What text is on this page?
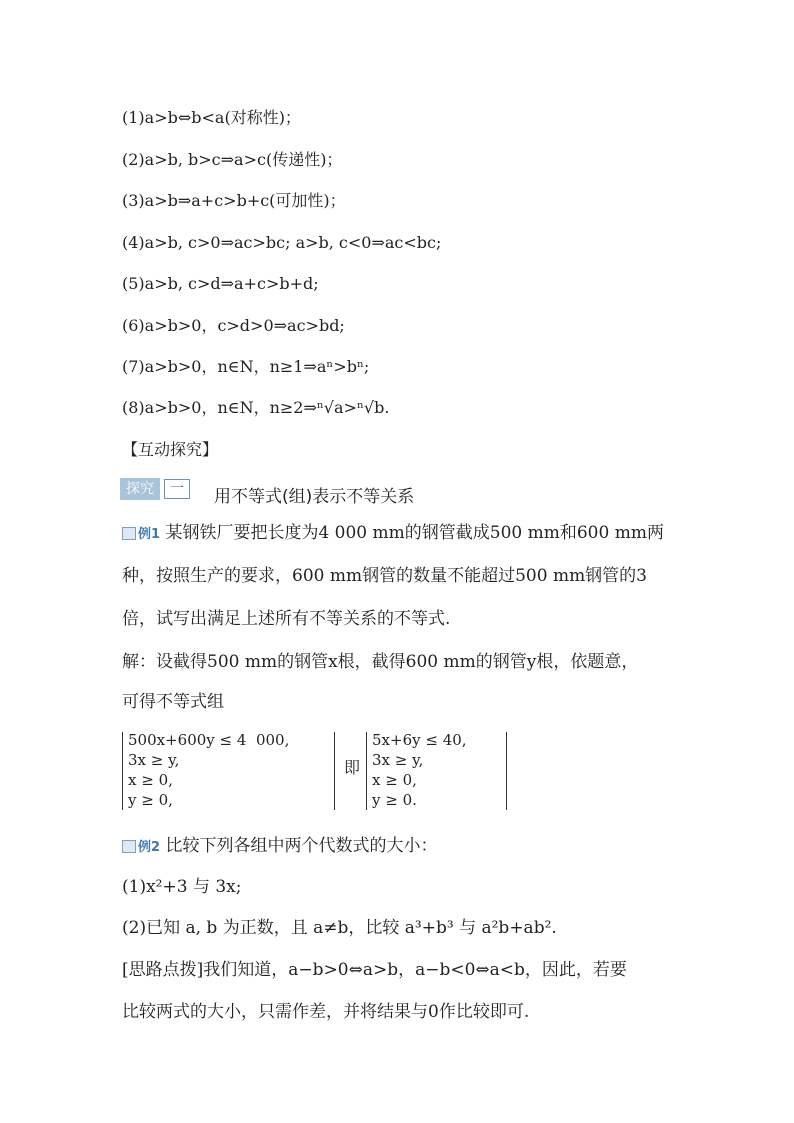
(1)a>b⇔b<a(对称性)；
(2)a>b, b>c⇒a>c(传递性)；
(3)a>b⇒a+c>b+c(可加性)；
(4)a>b, c>0⇒ac>bc; a>b, c<0⇒ac<bc;
(5)a>b, c>d⇒a+c>b+d;
(6)a>b>0，c>d>0⇒ac>bd;
(7)a>b>0，n∈N，n≥1⇒aⁿ>bⁿ;
(8)a>b>0，n∈N，n≥2⇒ⁿ√a>ⁿ√b.
【互动探究】
探究	一	用不等式(组)表示不等关系
例1 某钢铁厂要把长度为4 000 mm的钢管截成500 mm和600 mm两
种，按照生产的要求，600 mm钢管的数量不能超过500 mm钢管的3
倍，试写出满足上述所有不等关系的不等式.
解：设截得500 mm的钢管x根，截得600 mm的钢管y根，依题意，
可得不等式组
500x+600y ≤ 4  000,
3x ≥ y,
x ≥ 0,
y ≥ 0,
即
5x+6y ≤ 40,
3x ≥ y,
x ≥ 0,
y ≥ 0.
例2 比较下列各组中两个代数式的大小：
(1)x²+3 与 3x;
(2)已知 a, b 为正数，且 a≠b，比较 a³+b³ 与 a²b+ab².
[思路点拨]我们知道，a−b>0⇔a>b，a−b<0⇔a<b，因此，若要
比较两式的大小，只需作差，并将结果与0作比较即可.
